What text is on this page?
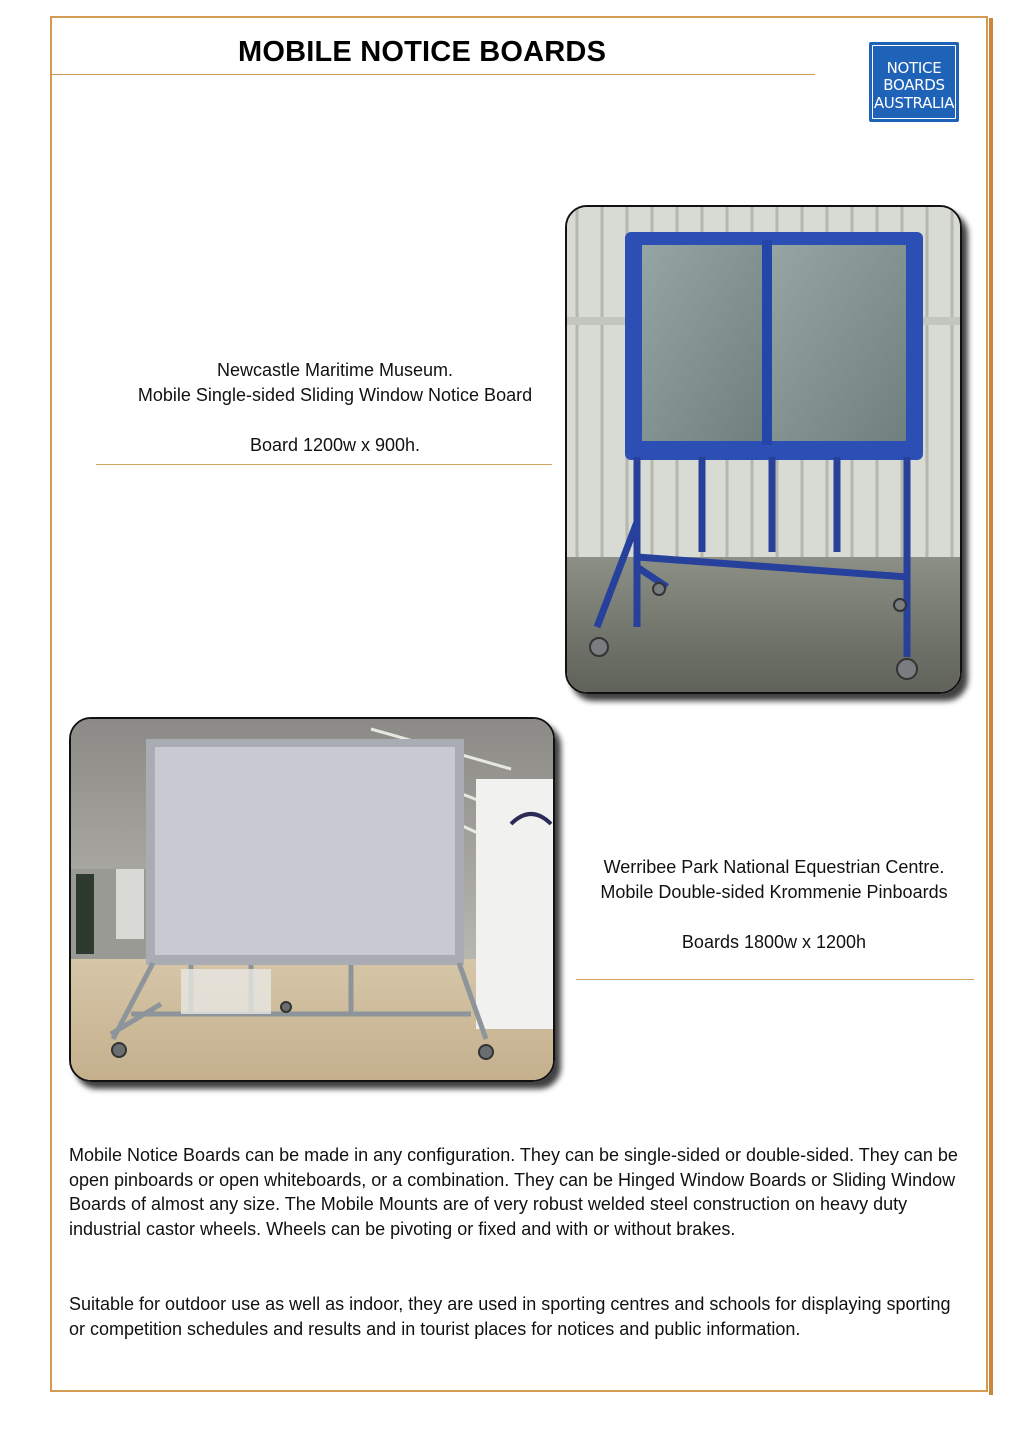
MOBILE NOTICE BOARDS	NOTICE
BOARDS
AUSTRALIA
Newcastle Maritime Museum.
Mobile Single-sided Sliding Window Notice Board
Board 1200w x 900h.
Werribee Park National Equestrian Centre.
Mobile Double-sided Krommenie Pinboards
Boards 1800w x 1200h
Mobile Notice Boards can be made in any configuration. They can be single-sided or double-sided. They can be open pinboards or open whiteboards, or a combination. They can be Hinged Window Boards or Sliding Window Boards of almost any size. The Mobile Mounts are of very robust welded steel construction on heavy duty industrial castor wheels. Wheels can be pivoting or fixed and with or without brakes.
Suitable for outdoor use as well as indoor, they are used in sporting centres and schools for displaying sporting or competition schedules and results and in tourist places for notices and public information.
